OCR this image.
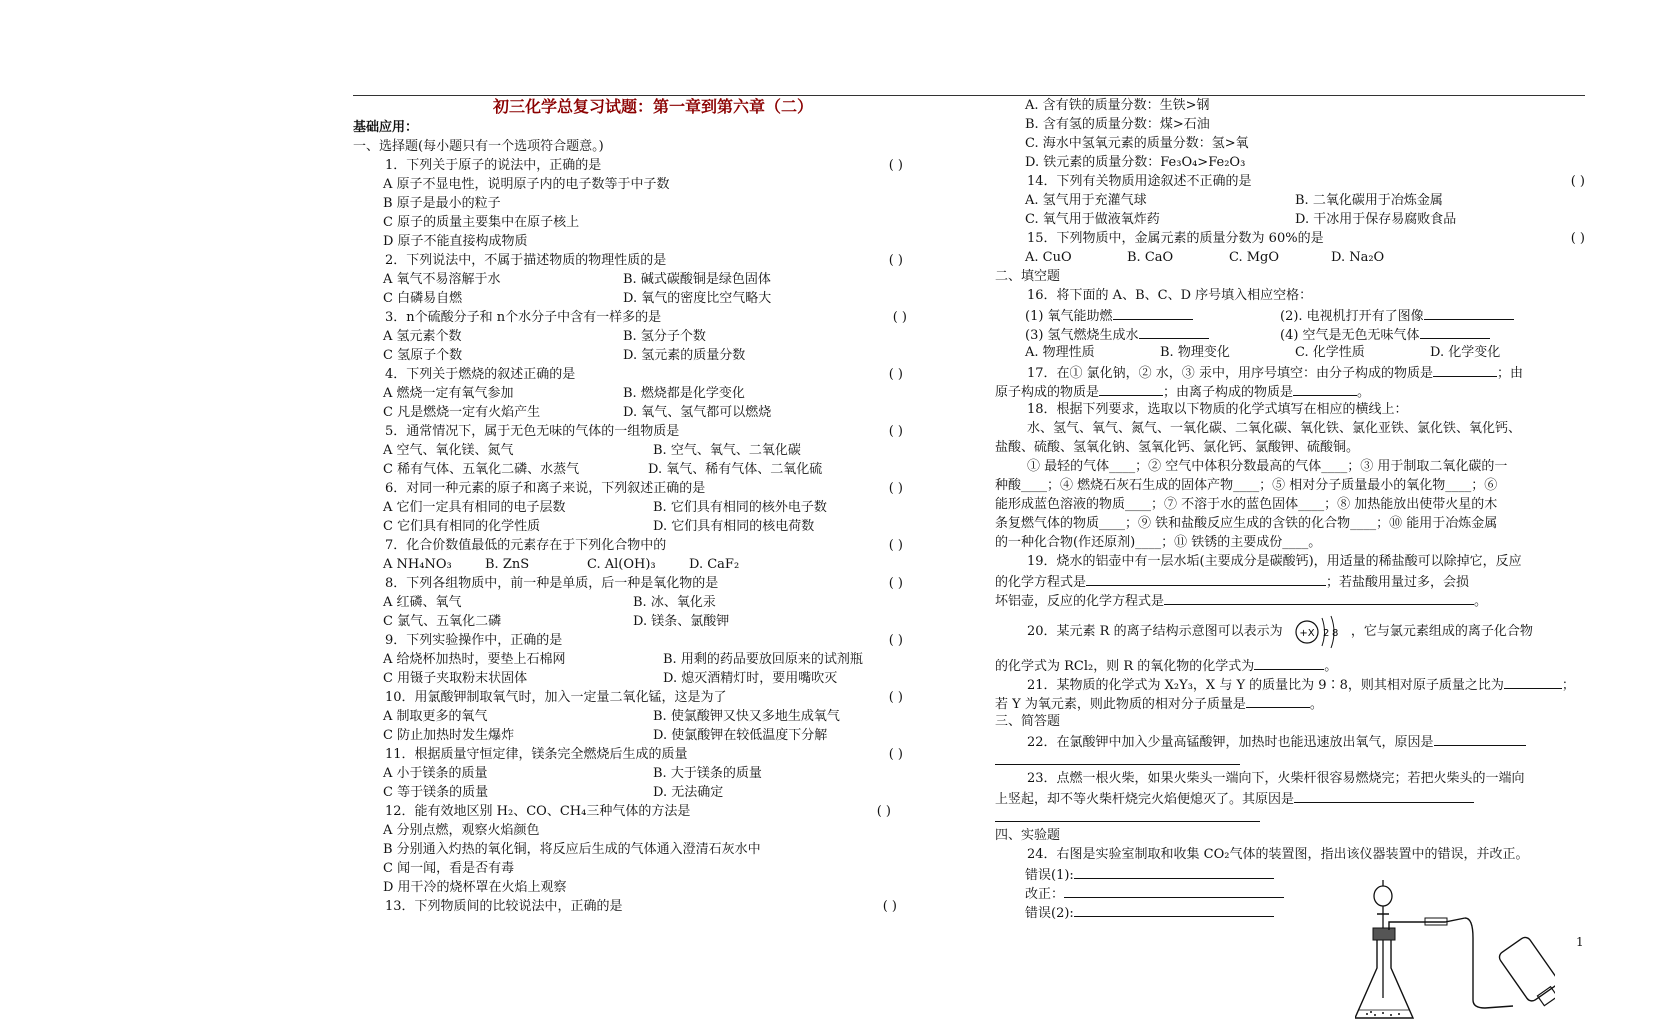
初三化学总复习试题：第一章到第六章（二）
基础应用：
一、选择题(每小题只有一个选项符合题意。)
1．下列关于原子的说法中，正确的是	( )
A 原子不显电性，说明原子内的电子数等于中子数
B 原子是最小的粒子
C 原子的质量主要集中在原子核上
D 原子不能直接构成物质
2．下列说法中，不属于描述物质的物理性质的是	( )
A 氧气不易溶解于水	B. 碱式碳酸铜是绿色固体
C 白磷易自燃	D. 氧气的密度比空气略大
3．n个硫酸分子和 n个水分子中含有一样多的是	( )
A 氢元素个数	B. 氢分子个数
C 氢原子个数	D. 氢元素的质量分数
4．下列关于燃烧的叙述正确的是	( )
A 燃烧一定有氧气参加	B. 燃烧都是化学变化
C 凡是燃烧一定有火焰产生	D. 氧气、氢气都可以燃烧
5．通常情况下，属于无色无味的气体的一组物质是	( )
A 空气、氧化镁、氮气	B. 空气、氧气、二氧化碳
C 稀有气体、五氧化二磷、水蒸气	D. 氧气、稀有气体、二氧化硫
6．对同一种元素的原子和离子来说，下列叙述正确的是	( )
A 它们一定具有相同的电子层数	B. 它们具有相同的核外电子数
C 它们具有相同的化学性质	D. 它们具有相同的核电荷数
7．化合价数值最低的元素存在于下列化合物中的	( )
A NH₄NO₃	B. ZnS	C. Al(OH)₃	D. CaF₂
8．下列各组物质中，前一种是单质，后一种是氧化物的是	( )
A 红磷、氧气	B. 冰、氧化汞
C 氯气、五氧化二磷	D. 镁条、氯酸钾
9．下列实验操作中，正确的是	( )
A 给烧杯加热时，要垫上石棉网	B. 用剩的药品要放回原来的试剂瓶
C 用镊子夹取粉末状固体	D. 熄灭酒精灯时，要用嘴吹灭
10．用氯酸钾制取氧气时，加入一定量二氧化锰，这是为了	( )
A 制取更多的氧气	B. 使氯酸钾又快又多地生成氧气
C 防止加热时发生爆炸	D. 使氯酸钾在较低温度下分解
11．根据质量守恒定律，镁条完全燃烧后生成的质量	( )
A 小于镁条的质量	B. 大于镁条的质量
C 等于镁条的质量	D. 无法确定
12．能有效地区别 H₂、CO、CH₄三种气体的方法是	( )
A 分别点燃，观察火焰颜色
B 分别通入灼热的氧化铜，将反应后生成的气体通入澄清石灰水中
C 闻一闻，看是否有毒
D 用干冷的烧杯罩在火焰上观察
13．下列物质间的比较说法中，正确的是	( )
A. 含有铁的质量分数：生铁>钢
B. 含有氢的质量分数：煤>石油
C. 海水中氢氧元素的质量分数：氢>氧
D. 铁元素的质量分数：Fe₃O₄>Fe₂O₃
14．下列有关物质用途叙述不正确的是	( )
A. 氢气用于充灌气球	B. 二氧化碳用于冶炼金属
C. 氧气用于做液氧炸药	D. 干冰用于保存易腐败食品
15．下列物质中，金属元素的质量分数为 60%的是	( )
A. CuO	B. CaO	C. MgO	D. Na₂O
二、填空题
16．将下面的 A、B、C、D 序号填入相应空格：
(1) 氧气能助燃	(2). 电视机打开有了图像
(3) 氢气燃烧生成水	(4) 空气是无色无味气体
A. 物理性质	B. 物理变化	C. 化学性质	D. 化学变化
17．在① 氯化钠，② 水，③ 汞中，用序号填空：由分子构成的物质是	；由
原子构成的物质是	；由离子构成的物质是	。
18．根据下列要求，选取以下物质的化学式填写在相应的横线上：
水、氢气、氧气、氮气、一氧化碳、二氧化碳、氧化铁、氯化亚铁、氯化铁、氧化钙、
盐酸、硫酸、氢氧化钠、氢氧化钙、氯化钙、氯酸钾、硫酸铜。
① 最轻的气体____；② 空气中体积分数最高的气体____；③ 用于制取二氧化碳的一
种酸____；④ 燃烧石灰石生成的固体产物____；⑤ 相对分子质量最小的氧化物____；⑥
能形成蓝色溶液的物质____；⑦ 不溶于水的蓝色固体____；⑧ 加热能放出使带火星的木
条复燃气体的物质____；⑨ 铁和盐酸反应生成的含铁的化合物____；⑩ 能用于冶炼金属
的一种化合物(作还原剂)____；⑪ 铁锈的主要成份____。
19．烧水的铝壶中有一层水垢(主要成分是碳酸钙)，用适量的稀盐酸可以除掉它，反应
的化学方程式是	；若盐酸用量过多，会损
坏铝壶，反应的化学方程式是	。
20．某元素 R 的离子结构示意图可以表示为 +X 2 8 ，它与氯元素组成的离子化合物
的化学式为 RCl₂，则 R 的氧化物的化学式为	。
21．某物质的化学式为 X₂Y₃，X 与 Y 的质量比为 9∶8，则其相对原子质量之比为	；
若 Y 为氧元素，则此物质的相对分子质量是	。
三、简答题
22．在氯酸钾中加入少量高锰酸钾，加热时也能迅速放出氧气，原因是
23．点燃一根火柴，如果火柴头一端向下，火柴杆很容易燃烧完；若把火柴头的一端向
上竖起，却不等火柴杆烧完火焰便熄灭了。其原因是
四、实验题
24．右图是实验室制取和收集 CO₂气体的装置图，指出该仪器装置中的错误，并改正。
错误(1):
改正：
错误(2):
1
